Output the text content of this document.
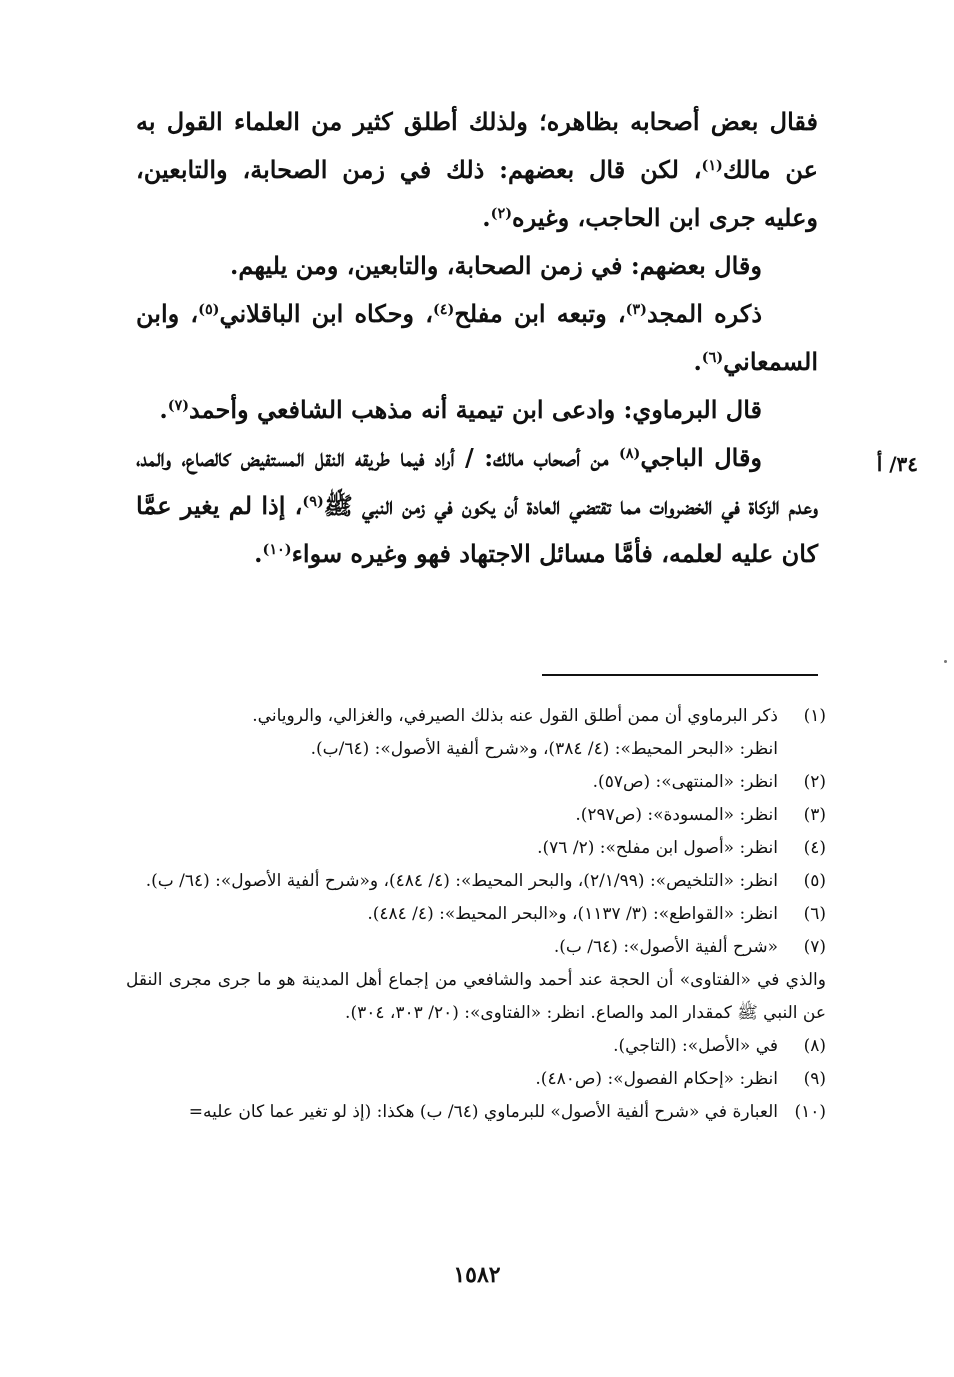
فقال بعض أصحابه بظاهره؛ ولذلك أطلق كثير من العلماء القول به عن مالك$^{(١)}$، لكن قال بعضهم: ذلك في زمن الصحابة، والتابعين، وعليه جرى ابن الحاجب، وغيره$^{(٢)}$.

وقال بعضهم: في زمن الصحابة، والتابعين، ومن يليهم.

ذكره المجد$^{(٣)}$، وتبعه ابن مفلح$^{(٤)}$، وحكاه ابن الباقلاني$^{(٥)}$، وابن السمعاني$^{(٦)}$.

قال البرماوي: وادعى ابن تيمية أنه مذهب الشافعي وأحمد$^{(٧)}$.

وقال الباجي$^{(٨)}$ من أصحاب مالك: / أراد فيما طريقه النقل المستفيض كالصاع، والمد، وعدم الزكاة في الخضروات مما تقتضي العادة أن يكون في زمن النبي ﷺ$^{(٩)}$، إذا لم يغير عمَّا كان عليه لعلمه، فأمَّا مسائل الاجتهاد فهو وغيره سواء$^{(١٠)}$.

٣٤/ أ
(١)
ذكر البرماوي أن ممن أطلق القول عنه بذلك الصيرفي، والغزالي، والروياني.
انظر: «البحر المحيط»: (٤/ ٣٨٤)، و«شرح ألفية الأصول»: (٦٤/ب).
(٢)
انظر: «المنتهى»: (ص٥٧).
(٣)
انظر: «المسودة»: (ص٢٩٧).
(٤)
انظر: «أصول ابن مفلح»: (٢/ ٧٦).
(٥)
انظر: «التلخيص»: (٢/١/٩٩)، والبحر المحيط»: (٤/ ٤٨٤)، و«شرح ألفية الأصول»: (٦٤/ ب).
(٦)
انظر: «القواطع»: (٣/ ١١٣٧)، و«البحر المحيط»: (٤/ ٤٨٤).
(٧)
«شرح ألفية الأصول»: (٦٤/ ب).
والذي في «الفتاوى» أن الحجة عند أحمد والشافعي من إجماع أهل المدينة هو ما جرى مجرى النقل عن النبي ﷺ كمقدار المد والصاع. انظر: «الفتاوى»: (٢٠/ ٣٠٣، ٣٠٤).
(٨)
في «الأصل»: (التاجي).
(٩)
انظر: «إحكام الفصول»: (ص٤٨٠).
(١٠)
العبارة في «شرح ألفية الأصول» للبرماوي (٦٤/ ب) هكذا: (إذ لو تغير عما كان عليه=
١٥٨٢
